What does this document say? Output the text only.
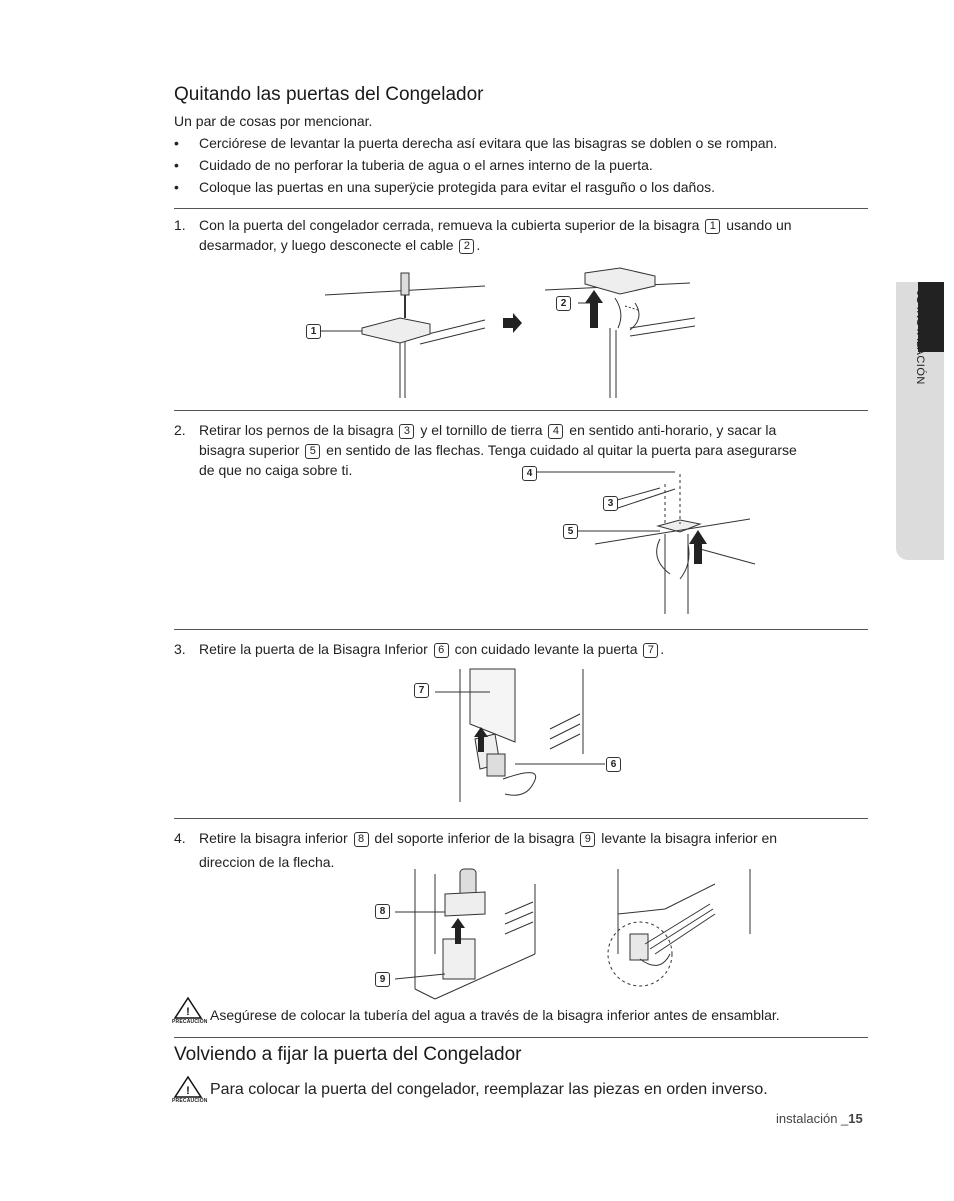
01 INSTALACIÓN
Quitando las puertas del Congelador
Un par de cosas por mencionar.
• Cerciórese de levantar la puerta derecha así evitara que las bisagras se doblen o se rompan.
• Cuidado de no perforar la tuberia de agua o el arnes interno de la puerta.
• Coloque las puertas en una superÿcie protegida para evitar el rasguño o los daños.
1. Con la puerta del congelador cerrada, remueva la cubierta superior de la bisagra 1 usando un
desarmador, y luego desconecte el cable 2 .
1
2
2. Retirar los pernos de la bisagra 3 y el tornillo de tierra 4 en sentido anti-horario, y sacar la
bisagra superior 5 en sentido de las flechas. Tenga cuidado al quitar la puerta para asegurarse
de que no caiga sobre ti.	4
3
5
3. Retire la puerta de la Bisagra Inferior 6 con cuidado levante la puerta 7 .
7
6
4. Retire la bisagra inferior 8 del soporte inferior de la bisagra 9 levante la bisagra inferior en
direccion de la flecha.
8
9
!
PRECAUCIÓN Asegúrese de colocar la tubería del agua a través de la bisagra inferior antes de ensamblar.
Volviendo a fijar la puerta del Congelador
!
PRECAUCIÓN
Para colocar la puerta del congelador, reemplazar las piezas en orden inverso.
instalación _15
